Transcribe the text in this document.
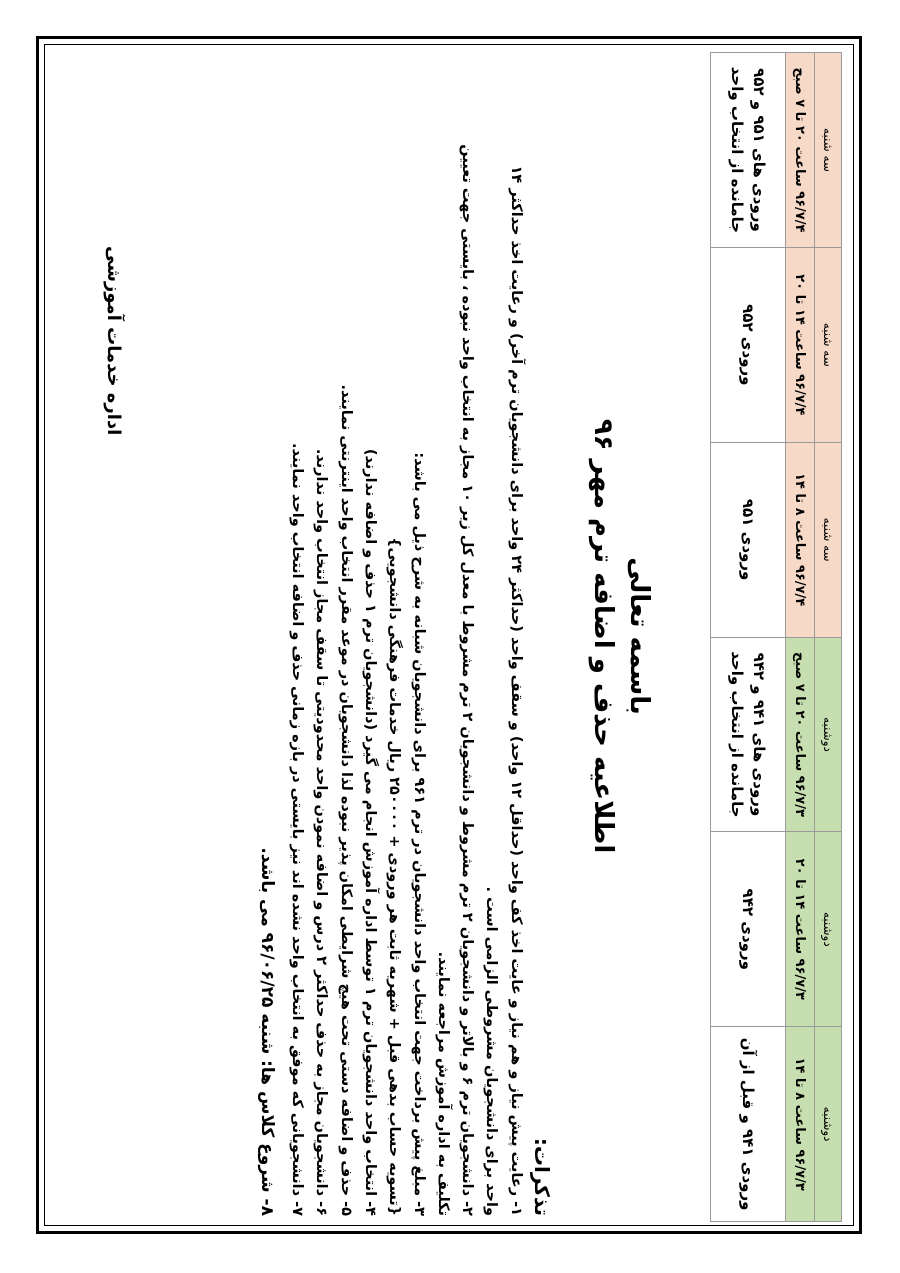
دوشنبه	دوشنبه	دوشنبه	سه شنبه	سه شنبه	سه شنبه
۹۶/۷/۳ ساعت ۸ تا ۱۴	۹۶/۷/۳ ساعت ۱۴ تا ۲۰	۹۶/۷/۳ ساعت ۲۰ تا ۷ صبح	۹۶/۷/۴ ساعت ۸ تا ۱۴	۹۶/۷/۴ ساعت ۱۴ تا ۲۰	۹۶/۷/۴ ساعت ۲۰ تا ۷ صبح
ورودی ۹۴۱ و قبل از آن	ورودی ۹۴۲	ورودی های ۹۴۱ و ۹۴۲ جامانده از انتخاب واحد	ورودی ۹۵۱	ورودی ۹۵۲	ورودی های ۹۵۱ و ۹۵۲ جامانده از انتخاب واحد
باسمه تعالی
اطلاعیه حذف و اضافه ترم مهر ۹۶
تذکرات:
۱- رعایت پیش نیاز و هم نیاز و عایت اخذ کف واحد (حداقل ۱۲ واحد) و سقف واحد (حداکثر ۲۴ واحد برای دانشجویان ترم آخر) و رعایت اخذ حداکثر ۱۴
واحد برای دانشجویان مشروطی الزامی است .
۲- دانشجویان ترم ۶ و بالاتر و دانشجویان ۲ ترم مشروط و دانشجویان ۲ ترم مشروط با معدل کل زیر ۱۰ مجاز به انتخاب واحد نبوده ، بایستی جهت تعیین
تکلیف به اداره آموزش مراجعه نمایند.
۳- مبلغ پیش برداخت جهت انتخاب واحد دانشجویان در ترم ۹۶۱ برای دانشجویان شبانه به شرح ذیل می باشد:
{تسویه حساب بدهی قبل + شهریه ثابت هر ورودی + ۲۵۰۰۰۰ ریال خدمات فرهنگی دانشجویی}
۴- انتخاب واحد دانشجویان ترم ۱ توسط اداره آموزش انجام می گیرد (دانشجویان ترم ۱ حذف و اضافه ندارند)
۵- حذف و اضافه دستی تحت هیچ شرایطی امکان پذیر نبوده لذا دانشجویان در موعد مقرر انتخاب واحد اینترنتی نمایند.
۶- دانشجویان مجاز به حذف حداکثر ۲ درس و اضافه نمودن واحد محدودیتی تا سقف مجاز انتخاب واحد ندارند.
۷- دانشجویانی که موفق به انتخاب واحد نشده اند نیز بایستی در بازه زمانی حذف و اضافه انتخاب واحد نمایند.
۸- شروع کلاس ها: شنبه ۹۶/۰۶/۲۵ می باشد.
اداره خدمات آموزشی
